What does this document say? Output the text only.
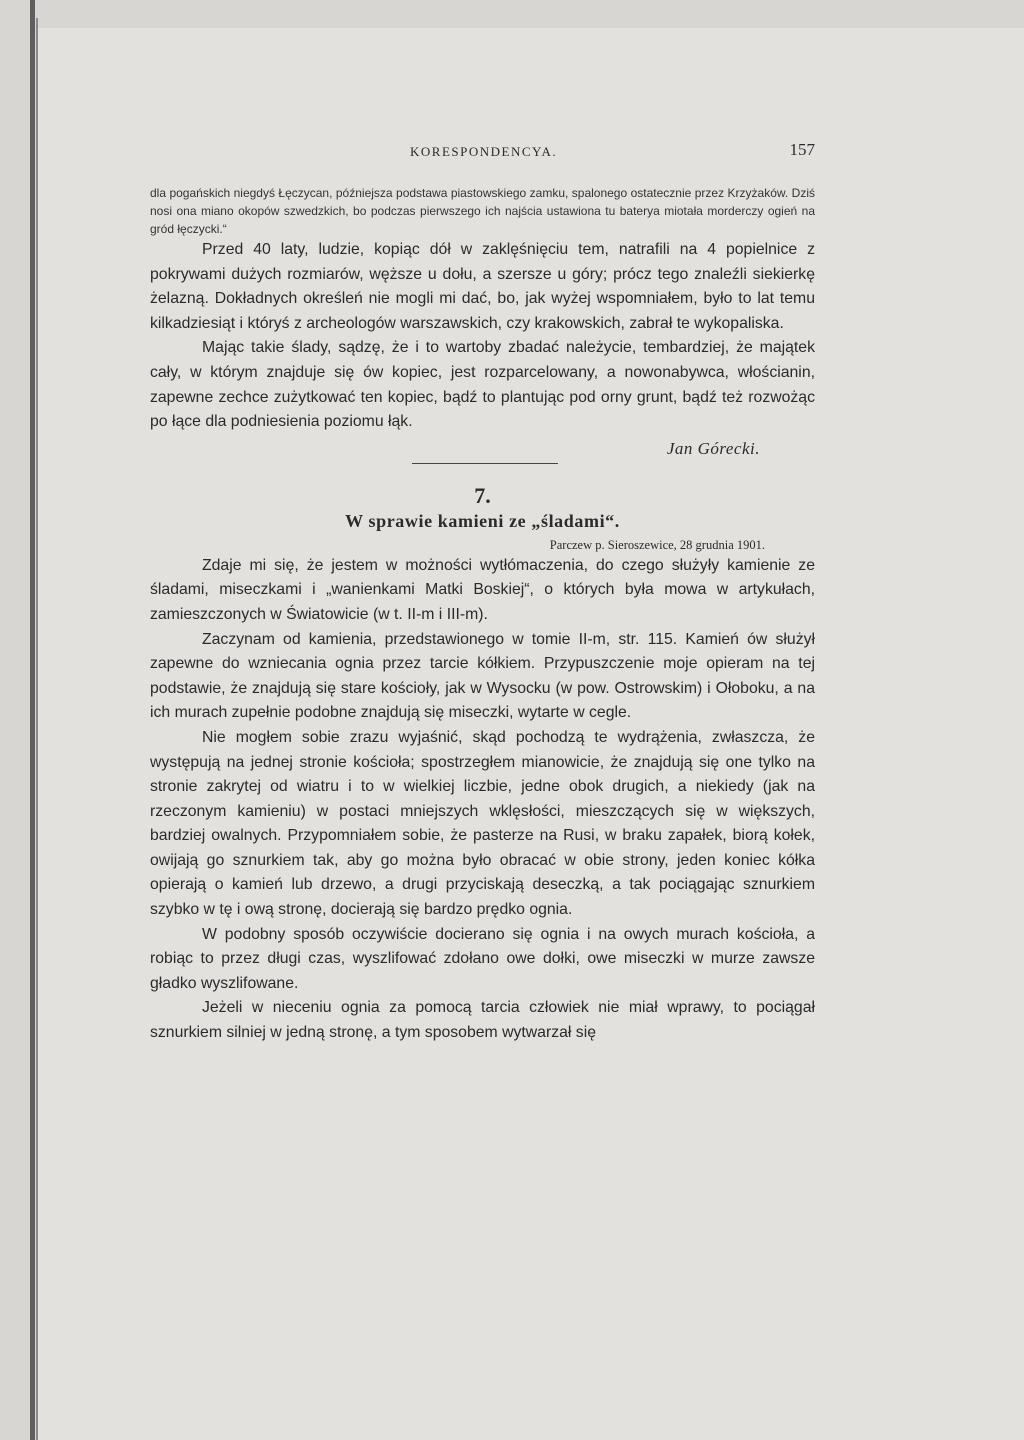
KORESPONDENCYA.	157
dla pogańskich niegdyś Łęczycan, późniejsza podstawa piastowskiego zamku, spalonego ostatecznie przez Krzyżaków. Dziś nosi ona miano okopów szwedzkich, bo podczas pierwszego ich najścia ustawiona tu baterya miotała morderczy ogień na gród łęczycki.“

Przed 40 laty, ludzie, kopiąc dół w zaklęśnięciu tem, natrafili na 4 popielnice z pokrywami dużych rozmiarów, węższe u dołu, a szersze u góry; prócz tego znaleźli siekierkę żelazną. Dokładnych określeń nie mogli mi dać, bo, jak wyżej wspomniałem, było to lat temu kilkadziesiąt i któryś z archeologów warszawskich, czy krakowskich, zabrał te wykopaliska.

Mając takie ślady, sądzę, że i to wartoby zbadać należycie, tembardziej, że majątek cały, w którym znajduje się ów kopiec, jest rozparcelowany, a nowonabywca, włościanin, zapewne zechce zużytkować ten kopiec, bądź to plantując pod orny grunt, bądź też rozwożąc po łące dla podniesienia poziomu łąk.

Jan Górecki.
7.
W sprawie kamieni ze „śladami“.
Parczew p. Sieroszewice, 28 grudnia 1901.

Zdaje mi się, że jestem w możności wytłómaczenia, do czego służyły kamienie ze śladami, miseczkami i „wanienkami Matki Boskiej“, o których była mowa w artykułach, zamieszczonych w Światowicie (w t. II-m i III-m).

Zaczynam od kamienia, przedstawionego w tomie II-m, str. 115. Kamień ów służył zapewne do wzniecania ognia przez tarcie kółkiem. Przypuszczenie moje opieram na tej podstawie, że znajdują się stare kościoły, jak w Wysocku (w pow. Ostrowskim) i Ołoboku, a na ich murach zupełnie podobne znajdują się miseczki, wytarte w cegle.

Nie mogłem sobie zrazu wyjaśnić, skąd pochodzą te wydrążenia, zwłaszcza, że występują na jednej stronie kościoła; spostrzegłem mianowicie, że znajdują się one tylko na stronie zakrytej od wiatru i to w wielkiej liczbie, jedne obok drugich, a niekiedy (jak na rzeczonym kamieniu) w postaci mniejszych wklęsłości, mieszczących się w większych, bardziej owalnych. Przypomniałem sobie, że pasterze na Rusi, w braku zapałek, biorą kołek, owijają go sznurkiem tak, aby go można było obracać w obie strony, jeden koniec kółka opierają o kamień lub drzewo, a drugi przyciskają deseczką, a tak pociągając sznurkiem szybko w tę i ową stronę, docierają się bardzo prędko ognia.

W podobny sposób oczywiście docierano się ognia i na owych murach kościoła, a robiąc to przez długi czas, wyszlifować zdołano owe dołki, owe miseczki w murze zawsze gładko wyszlifowane.

Jeżeli w nieceniu ognia za pomocą tarcia człowiek nie miał wprawy, to pociągał sznurkiem silniej w jedną stronę, a tym sposobem wytwarzał się
